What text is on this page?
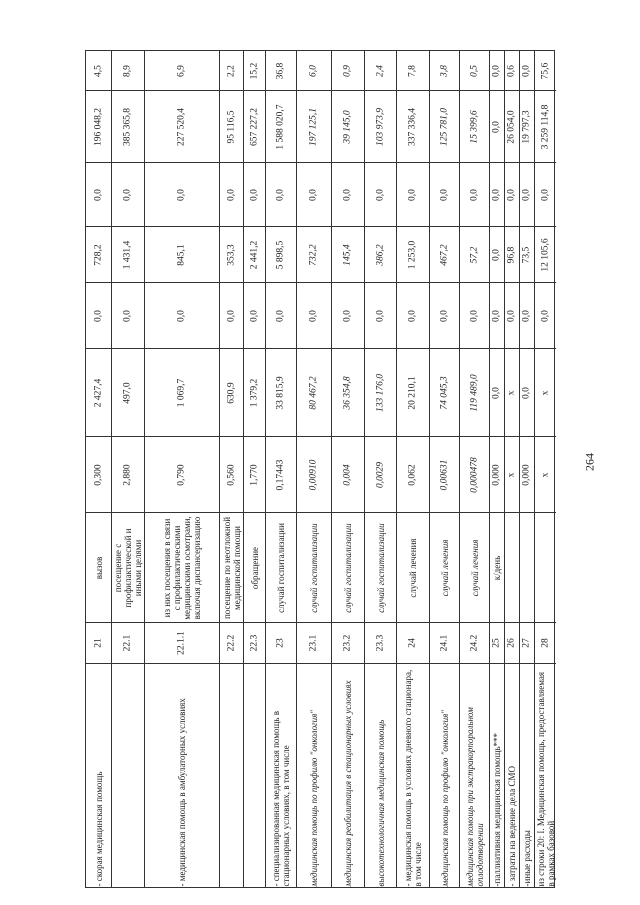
4,5
196 048,2
0,0
728,2
0,0
2 427,4
0,300
вызов
21
- скорая медицинская помощь
8,9
385 365,8
0,0
1 431,4
0,0
497,0
2,880
посещение с профилактической и иными целями
22.1
6,9
227 520,4
0,0
845,1
0,0
1 069,7
0,790
из них посещения в связи с профилактическими медицинскими осмотрами, включая диспансеризацию
22.1.1
- медицинская помощь в амбулаторных условиях
2,2
95 116,5
0,0
353,3
0,0
630,9
0,560
посещение по неотложной медицинской помощи
22.2
15,2
657 227,2
0,0
2 441,2
0,0
1 379,2
1,770
обращение
22.3
36,8
1 588 020,7
0,0
5 898,5
0,0
33 815,9
0,17443
случай госпитализации
23
- специализированная медицинская помощь в стационарных условиях, в том числе
6,0
197 125,1
0,0
732,2
0,0
80 467,2
0,00910
случай госпитализации
23.1
медицинская помощь по профилю "онкология"
0,9
39 145,0
0,0
145,4
0,0
36 354,8
0,004
случай госпитализации
23.2
медицинская реабилитация в стационарных условиях
2,4
103 973,9
0,0
386,2
0,0
133 176,0
0,0029
случай госпитализации
23.3
высокотехнологичная медицинская помощь
7,8
337 336,4
0,0
1 253,0
0,0
20 210,1
0,062
случай лечения
24
- медицинская помощь в условиях дневного стационара, в том числе
3,8
125 781,0
0,0
467,2
0,0
74 045,3
0,00631
случай лечения
24.1
медицинская помощь по профилю "онкология"
0,5
15 399,6
0,0
57,2
0,0
119 489,0
0,000478
случай лечения
24.2
медицинская помощь при экстракорпоральном оплодотворении
0,0
0,0
0,0
0,0
0,0
0,0
0,000
к/день
25
-паллиативная медицинская помощь***
0,6
26 054,0
0,0
96,8
0,0
х
х
26
- затраты на ведение дела СМО
0,0
19 797,3
0,0
73,5
0,0
0,0
0,000
27
-иные расходы
75,6
3 259 114,8
0,0
12 105,6
0,0
х
х
28
из строки 20: I. Медицинская помощь, предоставляемая в рамках базовой
264
